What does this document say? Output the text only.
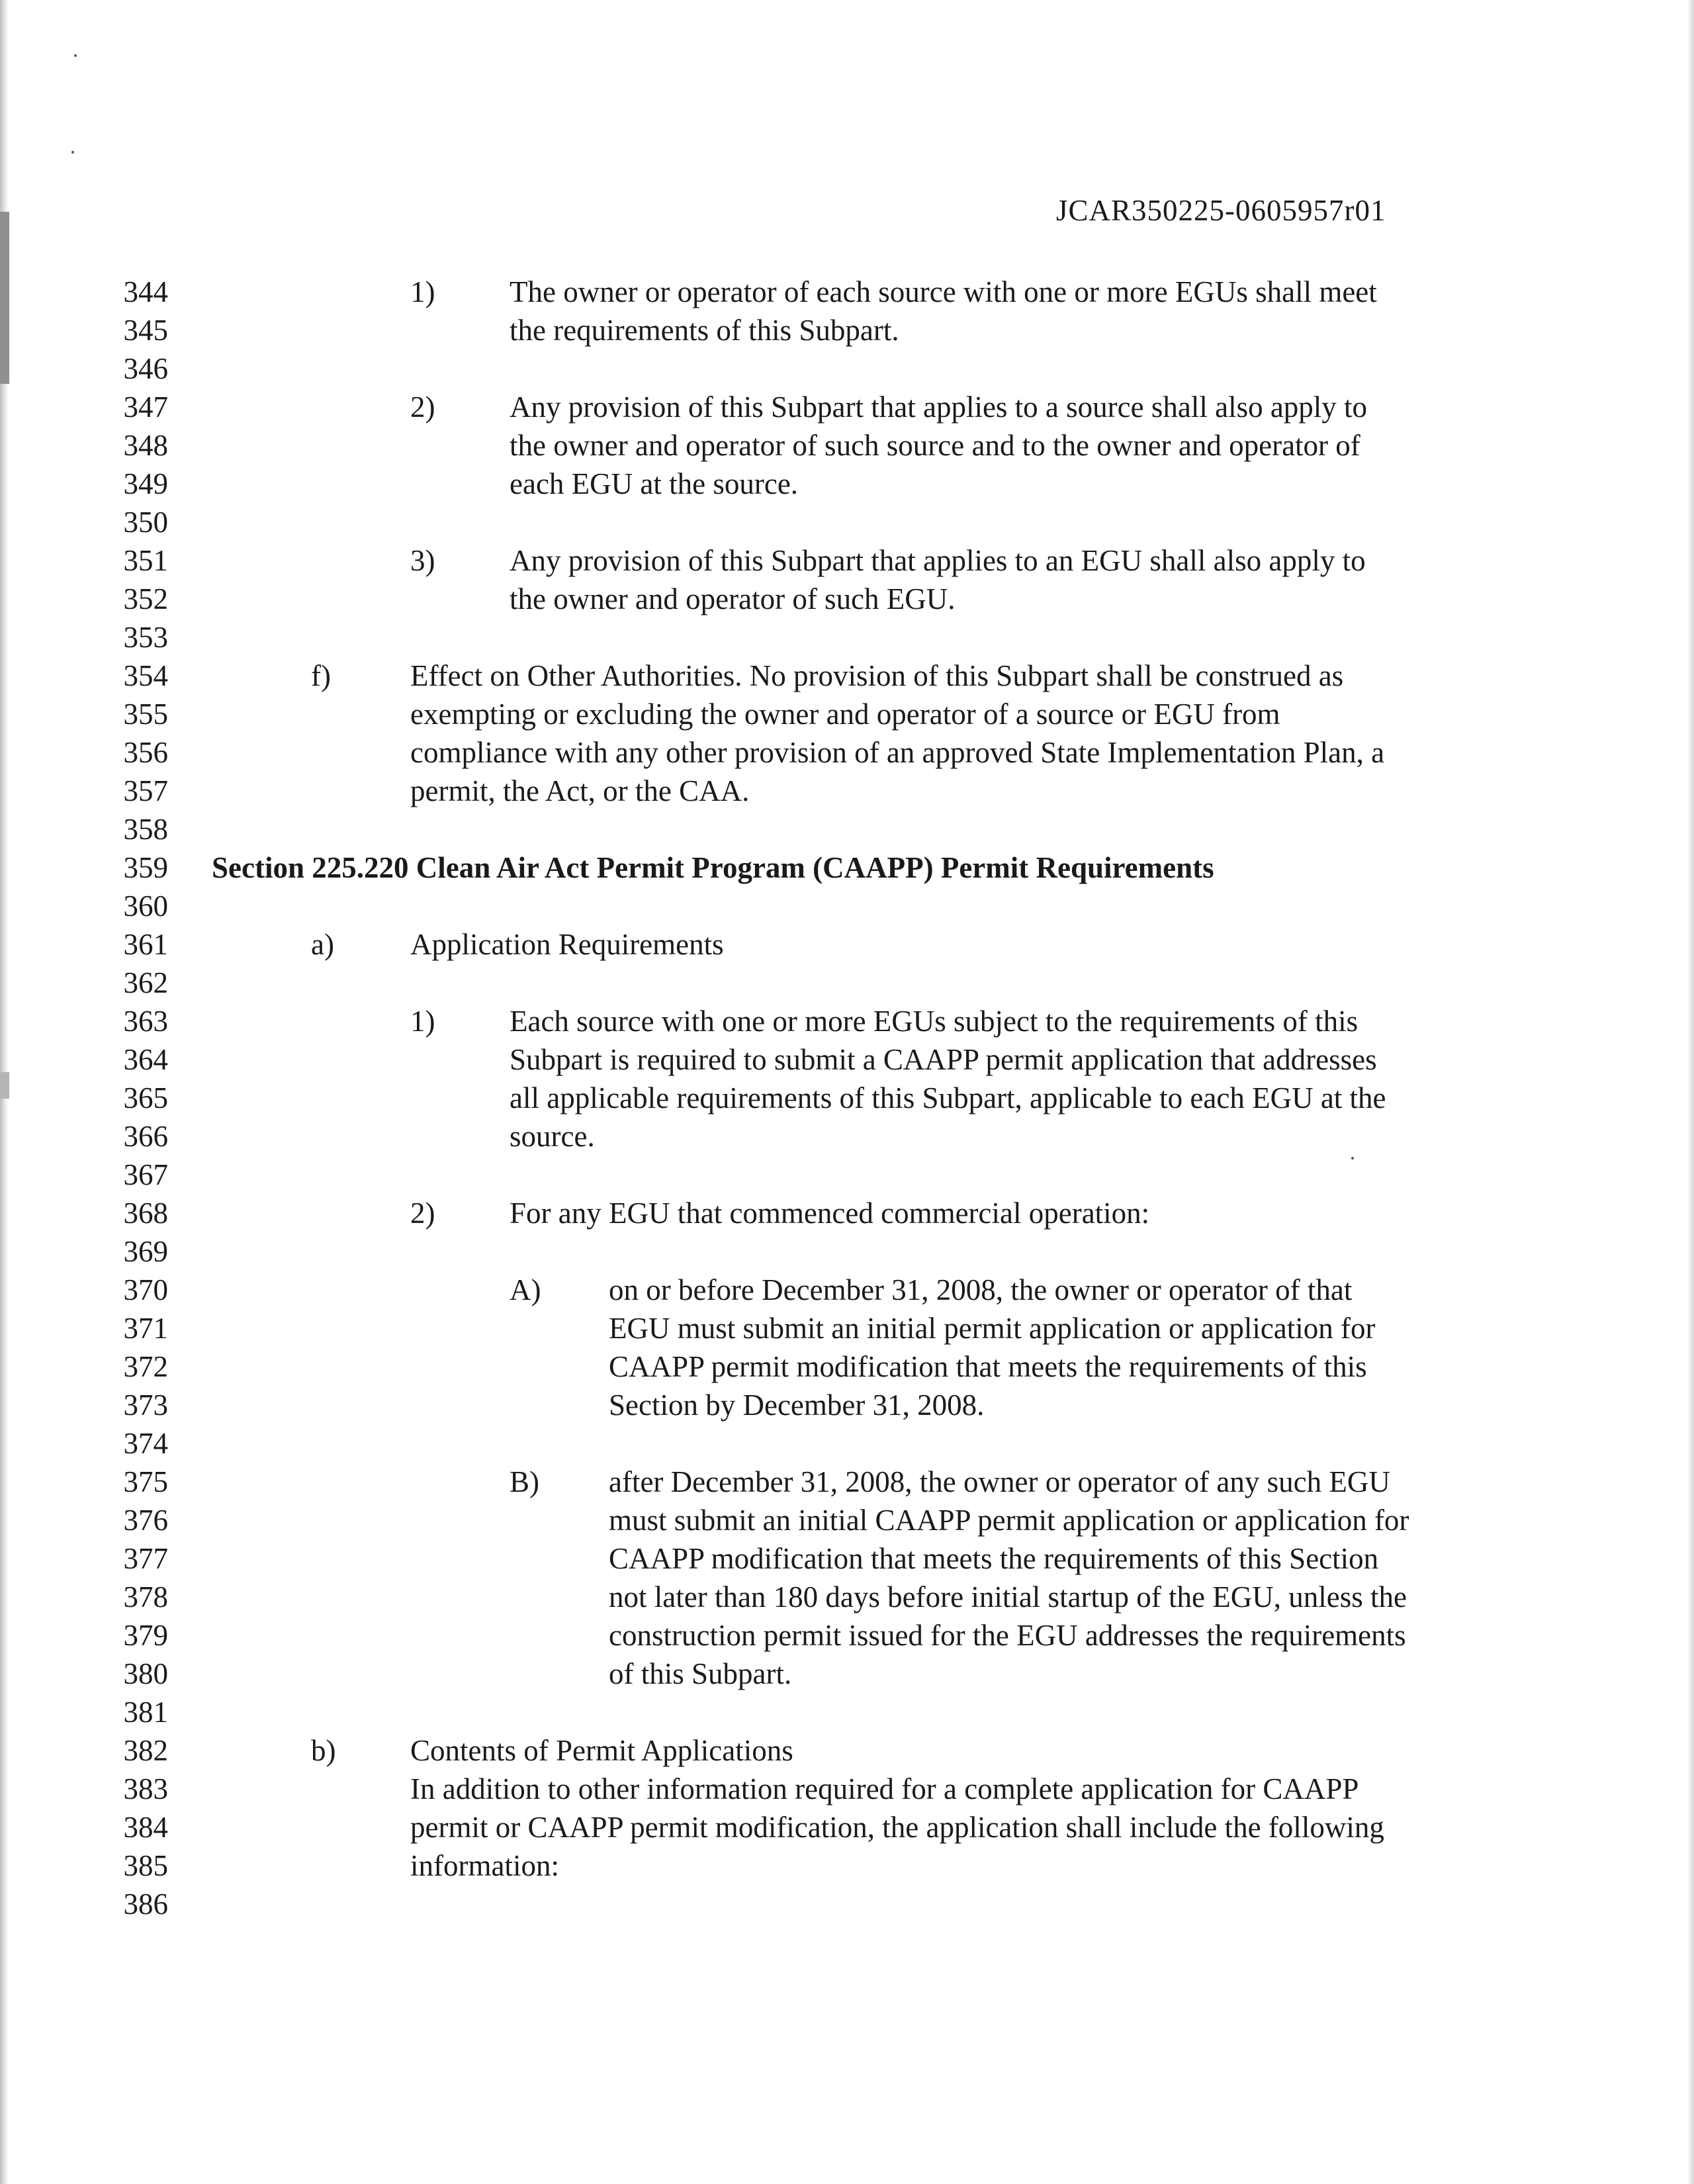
JCAR350225-0605957r01
344
345
346
347
348
349
350
351
352
353
354
355
356
357
358
359
360
361
362
363
364
365
366
367
368
369
370
371
372
373
374
375
376
377
378
379
380
381
382
383
384
385
386
1)	The owner or operator of each source with one or more EGUs shall meet
the requirements of this Subpart.
2)	Any provision of this Subpart that applies to a source shall also apply to
the owner and operator of such source and to the owner and operator of
each EGU at the source.
3)	Any provision of this Subpart that applies to an EGU shall also apply to
the owner and operator of such EGU.
f)	Effect on Other Authorities. No provision of this Subpart shall be construed as
exempting or excluding the owner and operator of a source or EGU from
compliance with any other provision of an approved State Implementation Plan, a
permit, the Act, or the CAA.
Section 225.220 Clean Air Act Permit Program (CAAPP) Permit Requirements
a)	Application Requirements
1)	Each source with one or more EGUs subject to the requirements of this
Subpart is required to submit a CAAPP permit application that addresses
all applicable requirements of this Subpart, applicable to each EGU at the
source.
2)	For any EGU that commenced commercial operation:
A) on or before December 31, 2008, the owner or operator of that
EGU must submit an initial permit application or application for
CAAPP permit modification that meets the requirements of this
Section by December 31, 2008.
B) after December 31, 2008, the owner or operator of any such EGU
must submit an initial CAAPP permit application or application for
CAAPP modification that meets the requirements of this Section
not later than 180 days before initial startup of the EGU, unless the
construction permit issued for the EGU addresses the requirements
of this Subpart.
b)	Contents of Permit Applications
In addition to other information required for a complete application for CAAPP
permit or CAAPP permit modification, the application shall include the following
information:
